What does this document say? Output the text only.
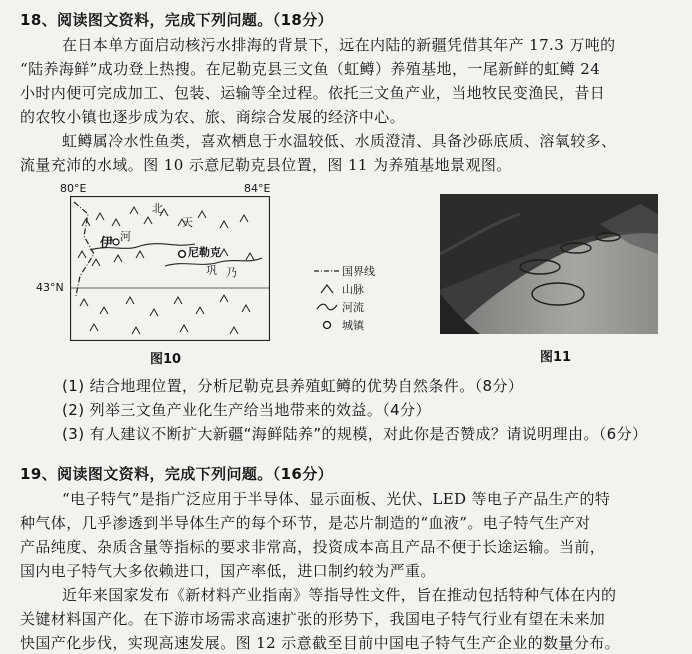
18、阅读图文资料，完成下列问题。（18分）
在日本单方面启动核污水排海的背景下，远在内陆的新疆凭借其年产 17.3 万吨的
“陆养海鲜”成功登上热搜。在尼勒克县三文鱼（虹鳟）养殖基地，一尾新鲜的虹鳟 24
小时内便可完成加工、包装、运输等全过程。依托三文鱼产业，当地牧民变渔民，昔日
的农牧小镇也逐步成为农、旅、商综合发展的经济中心。
虹鳟属冷水性鱼类，喜欢栖息于水温较低、水质澄清、具备沙砾底质、溶氧较多、
流量充沛的水域。图 10 示意尼勒克县位置，图 11 为养殖基地景观图。
80°E	84°E
43°N
伊
尼勒克
河
天
北
巩 乃
图10
国界线
山脉
河流
城镇
图11
(1) 结合地理位置，分析尼勒克县养殖虹鳟的优势自然条件。（8分）
(2) 列举三文鱼产业化生产给当地带来的效益。（4分）
(3) 有人建议不断扩大新疆“海鲜陆养”的规模，对此你是否赞成？请说明理由。（6分）
19、阅读图文资料，完成下列问题。（16分）
“电子特气”是指广泛应用于半导体、显示面板、光伏、LED 等电子产品生产的特
种气体，几乎渗透到半导体生产的每个环节，是芯片制造的“血液”。电子特气生产对
产品纯度、杂质含量等指标的要求非常高，投资成本高且产品不便于长途运输。当前，
国内电子特气大多依赖进口，国产率低，进口制约较为严重。
近年来国家发布《新材料产业指南》等指导性文件，旨在推动包括特种气体在内的
关键材料国产化。在下游市场需求高速扩张的形势下，我国电子特气行业有望在未来加
快国产化步伐，实现高速发展。图 12 示意截至目前中国电子特气生产企业的数量分布。
